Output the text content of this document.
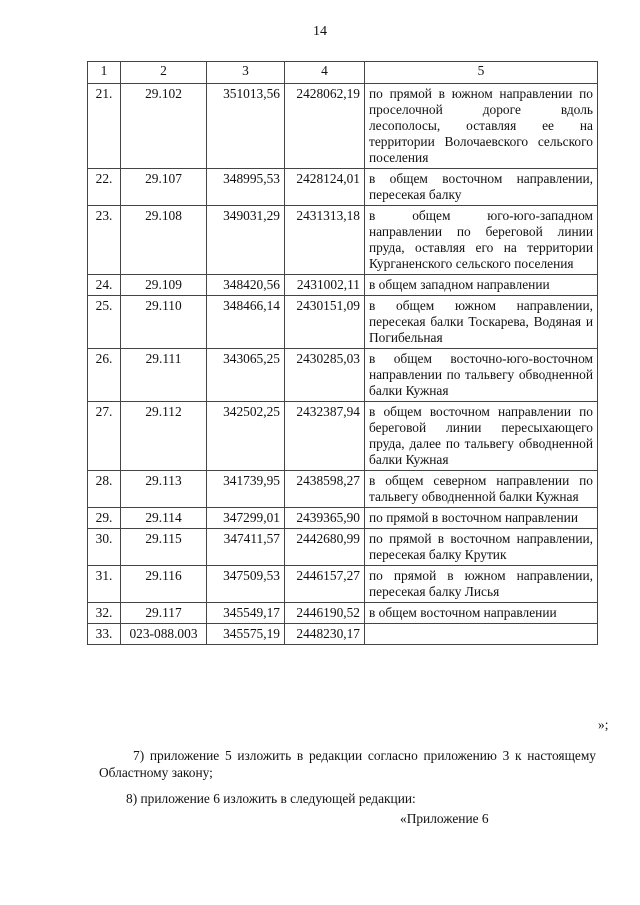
14
1	2	3	4	5
21.	29.102	351013,56	2428062,19	по прямой в южном направлении по проселочной дороге вдоль лесополосы, оставляя ее на территории Волочаевского сельского поселения
22.	29.107	348995,53	2428124,01	в общем восточном направлении, пересекая балку
23.	29.108	349031,29	2431313,18	в общем юго-юго-западном направлении по береговой линии пруда, оставляя его на территории Курганенского сельского поселения
24.	29.109	348420,56	2431002,11	в общем западном направлении
25.	29.110	348466,14	2430151,09	в общем южном направлении, пересекая балки Тоскарева, Водяная и Погибельная
26.	29.111	343065,25	2430285,03	в общем восточно-юго-восточном направлении по тальвегу обводненной балки Кужная
27.	29.112	342502,25	2432387,94	в общем восточном направлении по береговой линии пересыхающего пруда, далее по тальвегу обводненной балки Кужная
28.	29.113	341739,95	2438598,27	в общем северном направлении по тальвегу обводненной балки Кужная
29.	29.114	347299,01	2439365,90	по прямой в восточном направлении
30.	29.115	347411,57	2442680,99	по прямой в восточном направлении, пересекая балку Крутик
31.	29.116	347509,53	2446157,27	по прямой в южном направлении, пересекая балку Лисья
32.	29.117	345549,17	2446190,52	в общем восточном направлении
33.	023-088.003	345575,19	2448230,17	
»;
7) приложение 5 изложить в редакции согласно приложению 3 к настоящему Областному закону;
8) приложение 6 изложить в следующей редакции:
«Приложение 6
